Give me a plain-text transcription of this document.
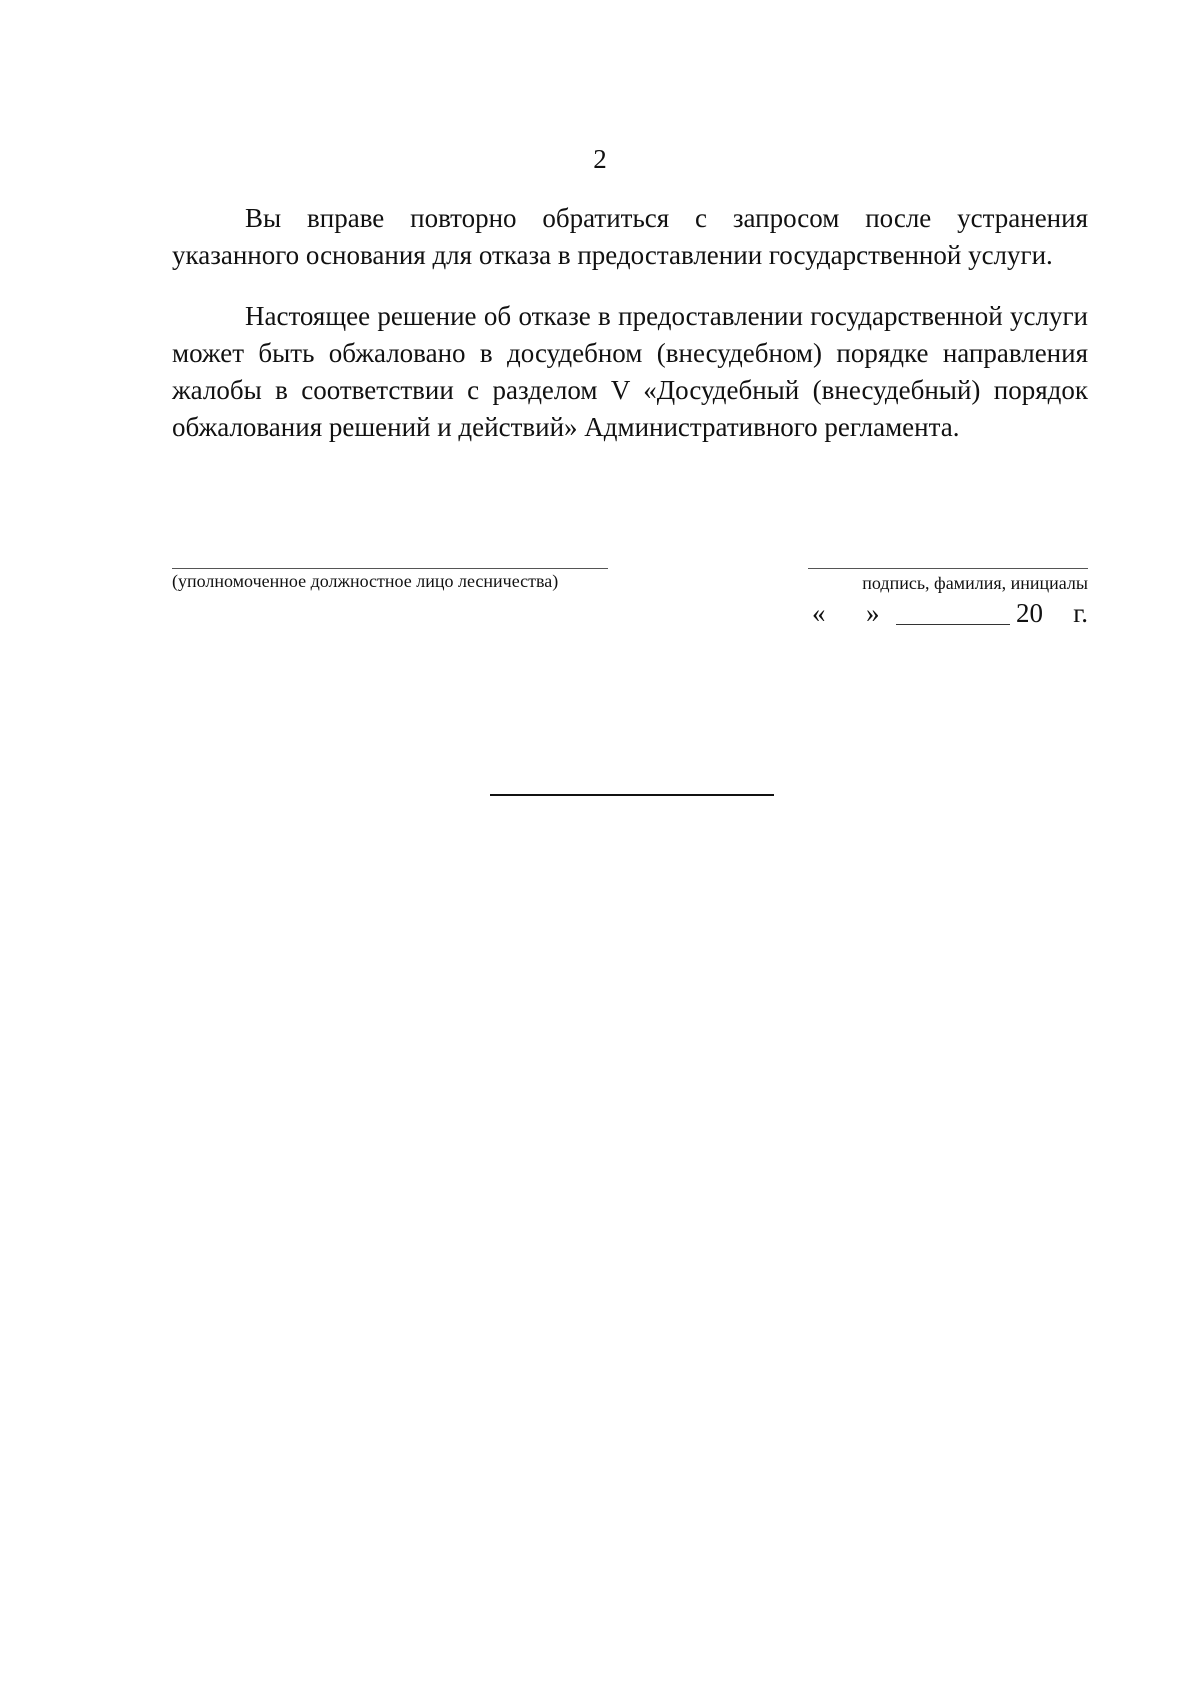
2

Вы вправе повторно обратиться с запросом после устранения указанного основания для отказа в предоставлении государственной услуги.

Настоящее решение об отказе в предоставлении государственной услуги может быть обжаловано в досудебном (внесудебном) порядке направления жалобы в соответствии с разделом V «Досудебный (внесудебный) порядок обжалования решений и действий» Административного регламента.

(уполномоченное должностное лицо лесничества)	подпись, фамилия, инициалы
« »	20 г.
